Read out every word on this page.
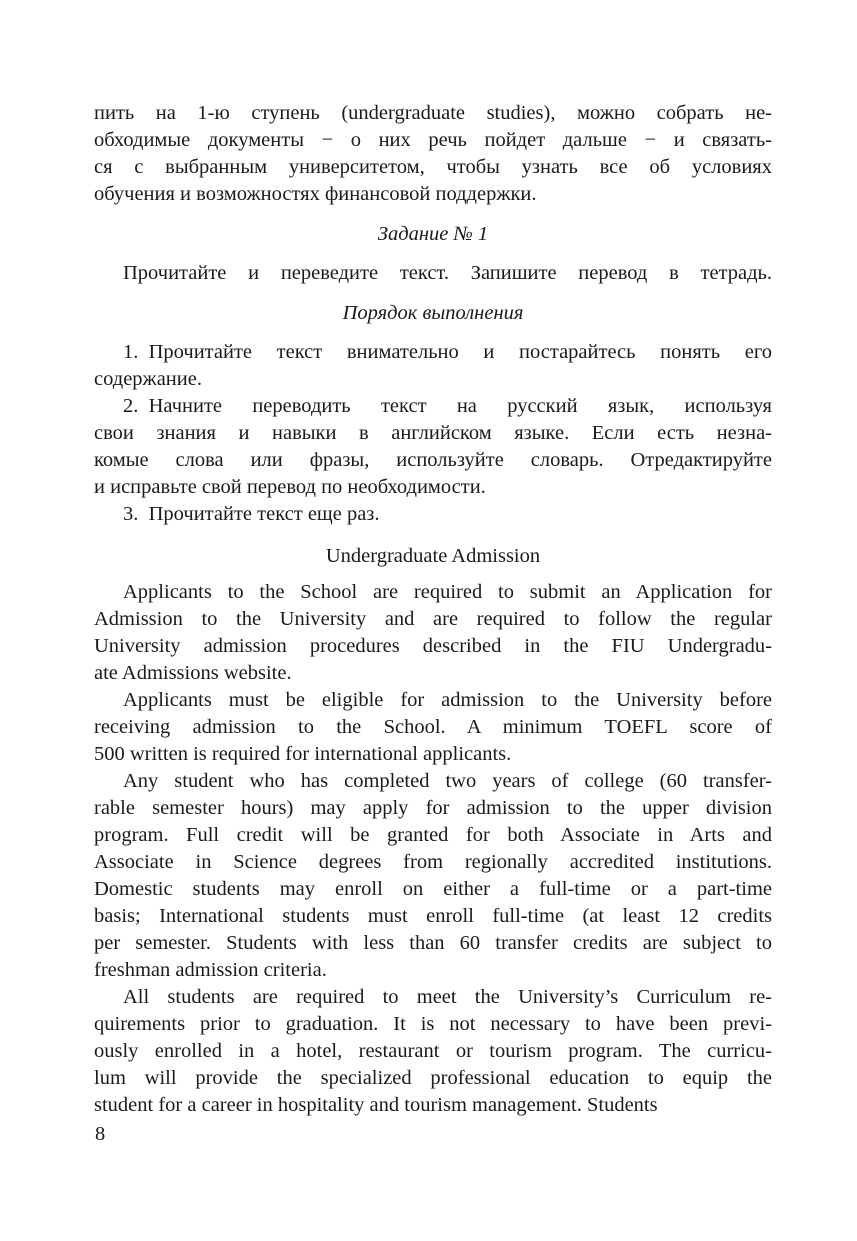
пить на 1-ю ступень (undergraduate studies), можно собрать не-
обходимые документы − о них речь пойдет дальше − и связать-
ся с выбранным университетом, чтобы узнать все об условиях
обучения и возможностях финансовой поддержки.
Задание № 1
Прочитайте и переведите текст. Запишите перевод в тетрадь.
Порядок выполнения
1. Прочитайте текст внимательно и постарайтесь понять его
содержание.
2. Начните переводить текст на русский язык, используя
свои знания и навыки в английском языке. Если есть незна-
комые слова или фразы, используйте словарь. Отредактируйте
и исправьте свой перевод по необходимости.
3. Прочитайте текст еще раз.
Undergraduate Admission
Applicants to the School are required to submit an Application for
Admission to the University and are required to follow the regular
University admission procedures described in the FIU Undergradu-
ate Admissions website.
Applicants must be eligible for admission to the University before
receiving admission to the School. A minimum TOEFL score of
500 written is required for international applicants.
Any student who has completed two years of college (60 transfer-
rable semester hours) may apply for admission to the upper division
program. Full credit will be granted for both Associate in Arts and
Associate in Science degrees from regionally accredited institutions.
Domestic students may enroll on either a full-time or a part-time
basis; International students must enroll full-time (at least 12 credits
per semester. Students with less than 60 transfer credits are subject to
freshman admission criteria.
All students are required to meet the University’s Curriculum re-
quirements prior to graduation. It is not necessary to have been previ-
ously enrolled in a hotel, restaurant or tourism program. The curricu-
lum will provide the specialized professional education to equip the
student for a career in hospitality and tourism management. Students
8
